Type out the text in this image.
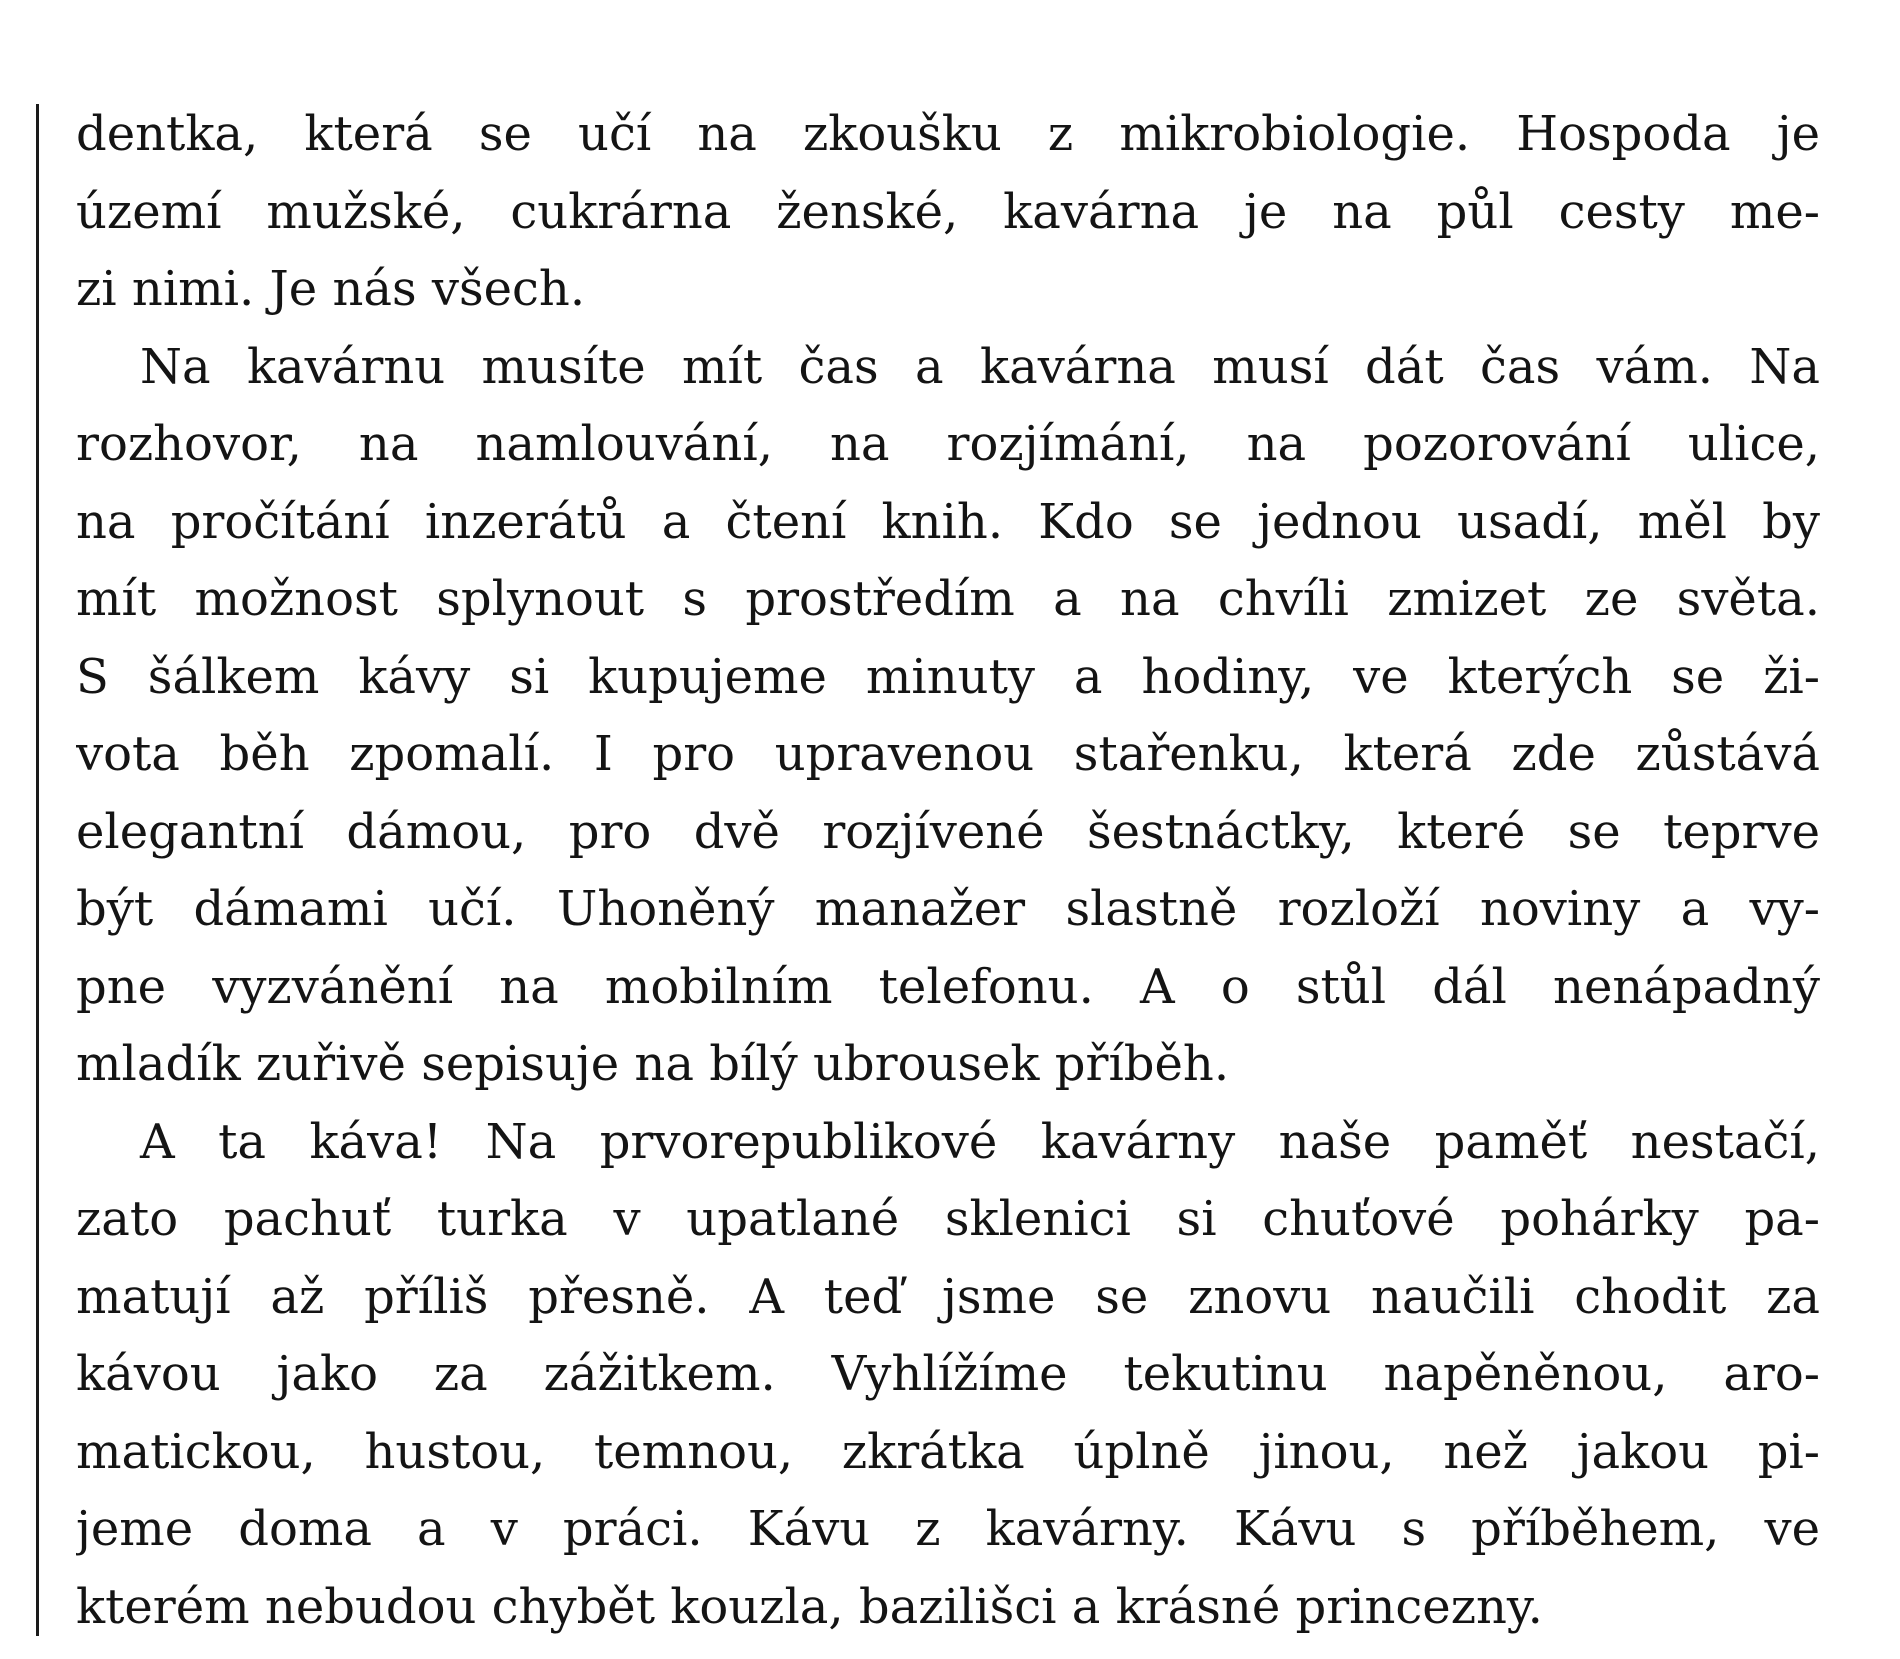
dentka, která se učí na zkoušku z mikrobiologie. Hospoda je
území mužské, cukrárna ženské, kavárna je na půl cesty me-
zi nimi. Je nás všech.
Na kavárnu musíte mít čas a kavárna musí dát čas vám. Na
rozhovor, na namlouvání, na rozjímání, na pozorování ulice,
na pročítání inzerátů a čtení knih. Kdo se jednou usadí, měl by
mít možnost splynout s prostředím a na chvíli zmizet ze světa.
S šálkem kávy si kupujeme minuty a hodiny, ve kterých se ži-
vota běh zpomalí. I pro upravenou stařenku, která zde zůstává
elegantní dámou, pro dvě rozjívené šestnáctky, které se teprve
být dámami učí. Uhoněný manažer slastně rozloží noviny a vy-
pne vyzvánění na mobilním telefonu. A o stůl dál nenápadný
mladík zuřivě sepisuje na bílý ubrousek příběh.
A ta káva! Na prvorepublikové kavárny naše paměť nestačí,
zato pachuť turka v upatlané sklenici si chuťové pohárky pa-
matují až příliš přesně. A teď jsme se znovu naučili chodit za
kávou jako za zážitkem. Vyhlížíme tekutinu napěněnou, aro-
matickou, hustou, temnou, zkrátka úplně jinou, než jakou pi-
jeme doma a v práci. Kávu z kavárny. Kávu s příběhem, ve
kterém nebudou chybět kouzla, bazilišci a krásné princezny.
